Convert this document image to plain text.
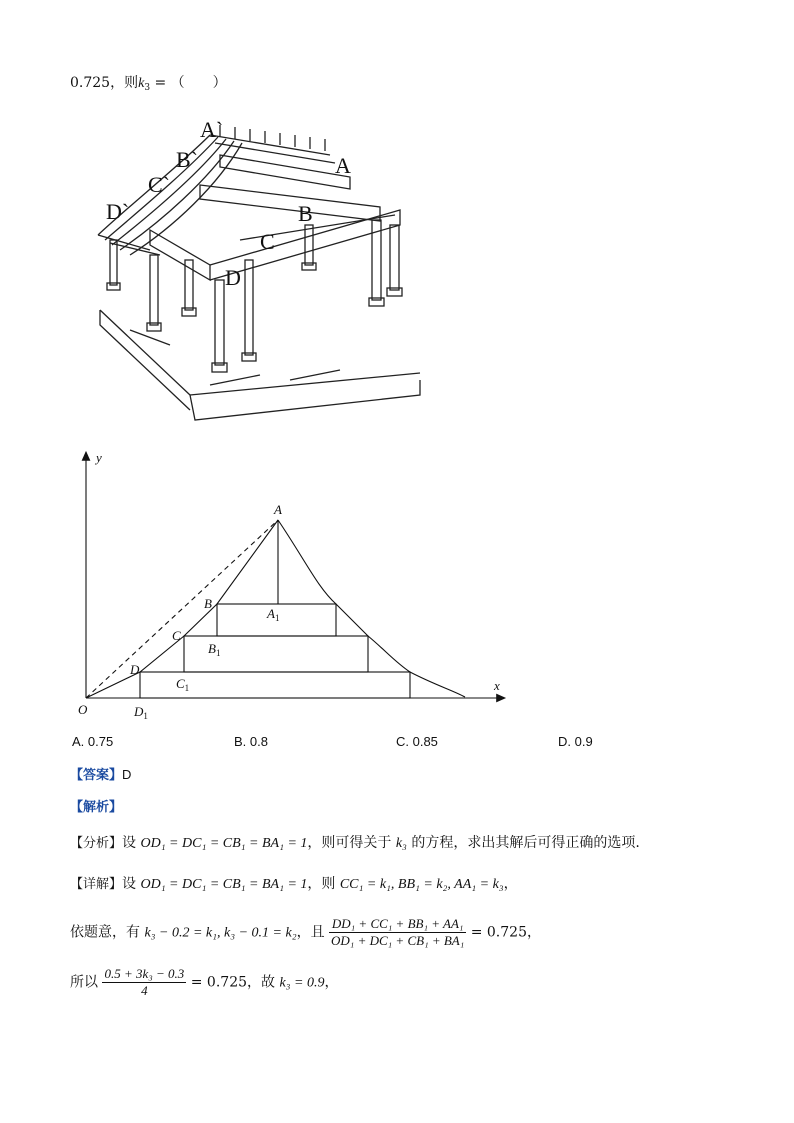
0.725，则$k_3$ = （　　）
A`
B`
C`
D`
A
B
C
D
y
x
O
A
B
C
D
$A_1$
$B_1$
$C_1$
$D_1$
A. 0.75	B. 0.8	C. 0.85	D. 0.9
【答案】D
【解析】
【分析】设 OD₁ = DC₁ = CB₁ = BA₁ = 1，则可得关于 k₃ 的方程，求出其解后可得正确的选项.
【详解】设 OD₁ = DC₁ = CB₁ = BA₁ = 1，则 CC₁ = k₁, BB₁ = k₂, AA₁ = k₃，
依题意，有 k₃ − 0.2 = k₁, k₃ − 0.1 = k₂，且 $\frac{\text{DD₁ + CC₁ + BB₁ + AA₁}}{\text{OD₁ + DC₁ + CB₁ + BA₁}} = 0.725$，
所以 $\frac{\text{0.5 + 3k₃ − 0.3}}{4} = 0.725$，故 k₃ = 0.9，
